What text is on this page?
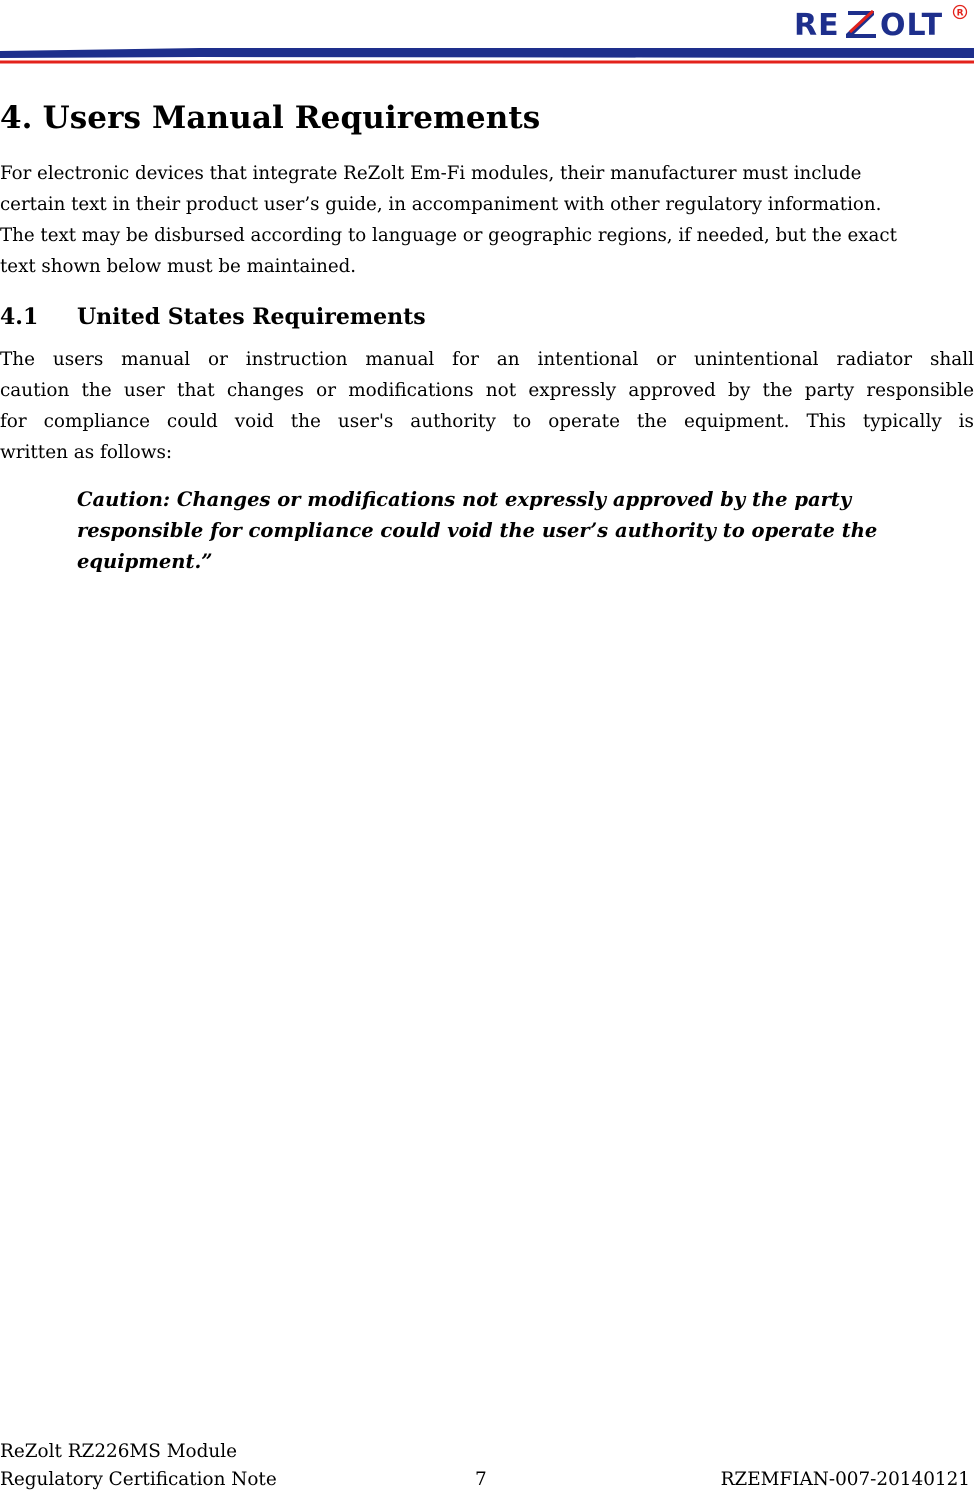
RE OLT R
4. Users Manual Requirements
For electronic devices that integrate ReZolt Em-Fi modules, their manufacturer must include
certain text in their product user’s guide, in accompaniment with other regulatory information.
The text may be disbursed according to language or geographic regions, if needed, but the exact
text shown below must be maintained.
4.1 United States Requirements
The users manual or instruction manual for an intentional or unintentional radiator shall
caution the user that changes or modifications not expressly approved by the party responsible
for compliance could void the user's authority to operate the equipment. This typically is
written as follows:
Caution: Changes or modifications not expressly approved by the party
responsible for compliance could void the user’s authority to operate the
equipment.”
ReZolt RZ226MS Module
Regulatory Certification Note	7	RZEMFIAN-007-20140121
